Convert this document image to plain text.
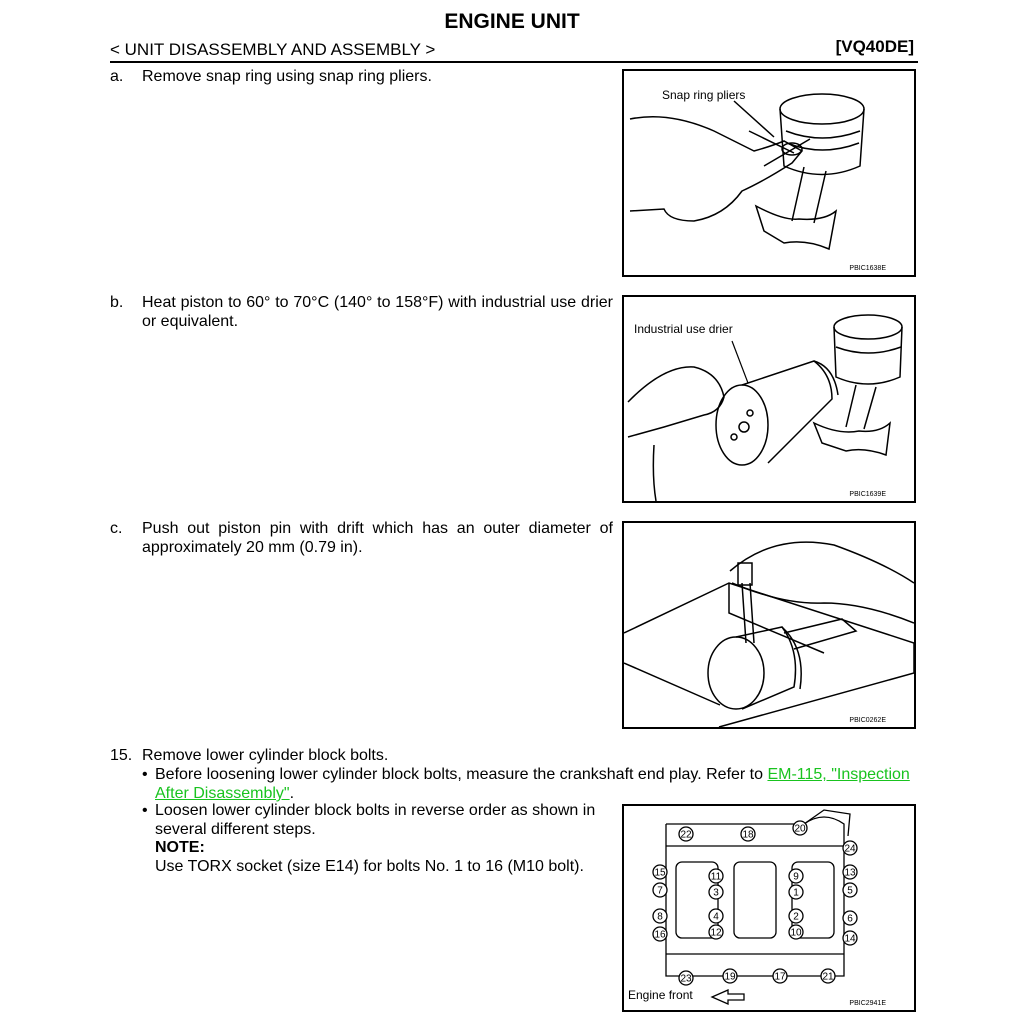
ENGINE UNIT
< UNIT DISASSEMBLY AND ASSEMBLY >	[VQ40DE]
a. Remove snap ring using snap ring pliers.
Snap ring pliers
PBIC1638E
b. Heat piston to 60° to 70°C (140° to 158°F) with industrial use drier or equivalent.	Industrial use drier
PBIC1639E
c. Push out piston pin with drift which has an outer diameter of approximately 20 mm (0.79 in).
PBIC0262E
15. Remove lower cylinder block bolts.
• Before loosening lower cylinder block bolts, measure the crankshaft end play. Refer to EM-115, "Inspection After Disassembly".
• Loosen lower cylinder block bolts in reverse order as shown in several different steps.
NOTE:
Use TORX socket (size E14) for bolts No. 1 to 16 (M10 bolt).
22	18
20
24
15	11	9	13
7	3	1	5
8	4	2	6
16	12	10
14
23	19	17	21
Engine front
PBIC2941E
